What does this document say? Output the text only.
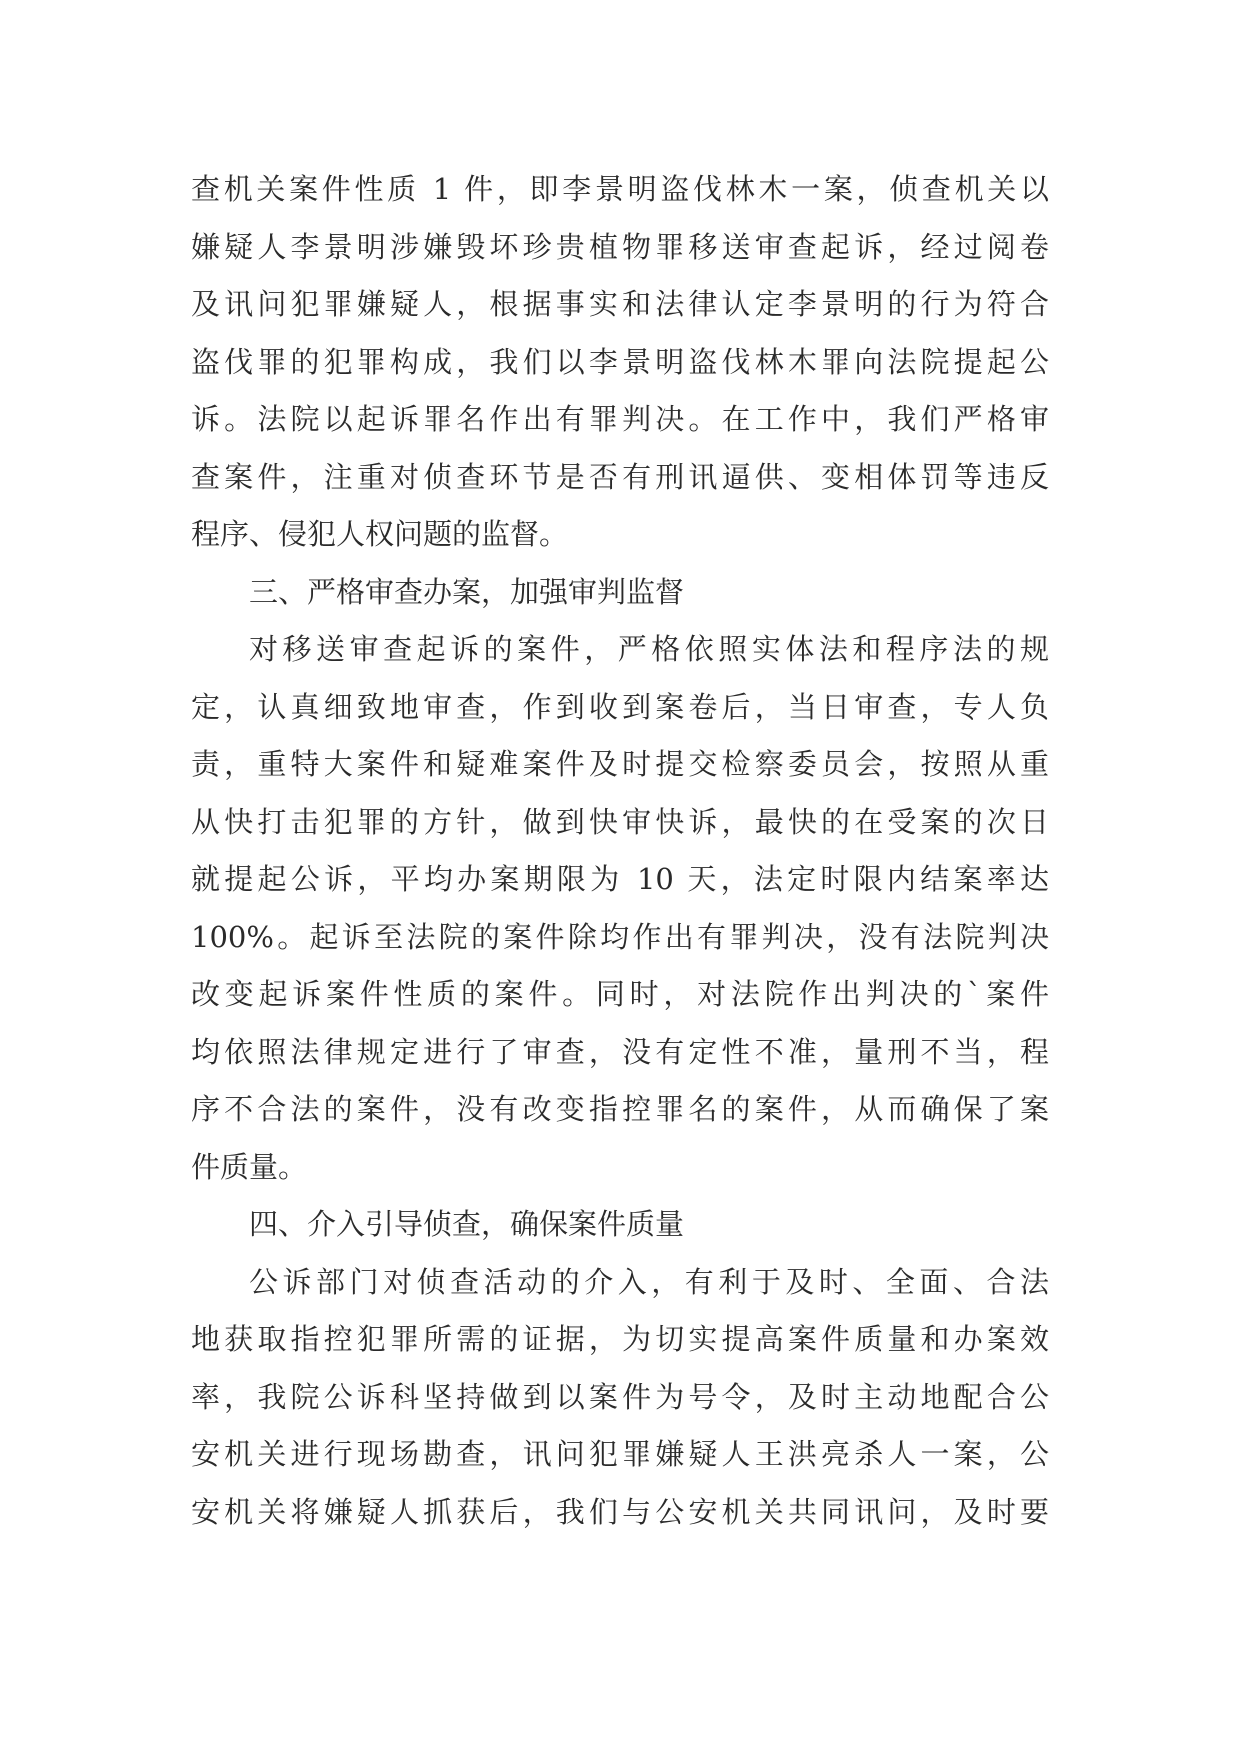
查机关案件性质 1 件，即李景明盗伐林木一案，侦查机关以
嫌疑人李景明涉嫌毁坏珍贵植物罪移送审查起诉，经过阅卷
及讯问犯罪嫌疑人，根据事实和法律认定李景明的行为符合
盗伐罪的犯罪构成，我们以李景明盗伐林木罪向法院提起公
诉。法院以起诉罪名作出有罪判决。在工作中，我们严格审
查案件，注重对侦查环节是否有刑讯逼供、变相体罚等违反
程序、侵犯人权问题的监督。
三、严格审查办案，加强审判监督
对移送审查起诉的案件，严格依照实体法和程序法的规
定，认真细致地审查，作到收到案卷后，当日审查，专人负
责，重特大案件和疑难案件及时提交检察委员会，按照从重
从快打击犯罪的方针，做到快审快诉，最快的在受案的次日
就提起公诉，平均办案期限为 10 天，法定时限内结案率达
100%。起诉至法院的案件除均作出有罪判决，没有法院判决
改变起诉案件性质的案件。同时，对法院作出判决的`案件
均依照法律规定进行了审查，没有定性不准，量刑不当，程
序不合法的案件，没有改变指控罪名的案件，从而确保了案
件质量。
四、介入引导侦查，确保案件质量
公诉部门对侦查活动的介入，有利于及时、全面、合法
地获取指控犯罪所需的证据，为切实提高案件质量和办案效
率，我院公诉科坚持做到以案件为号令，及时主动地配合公
安机关进行现场勘查，讯问犯罪嫌疑人王洪亮杀人一案，公
安机关将嫌疑人抓获后，我们与公安机关共同讯问，及时要
